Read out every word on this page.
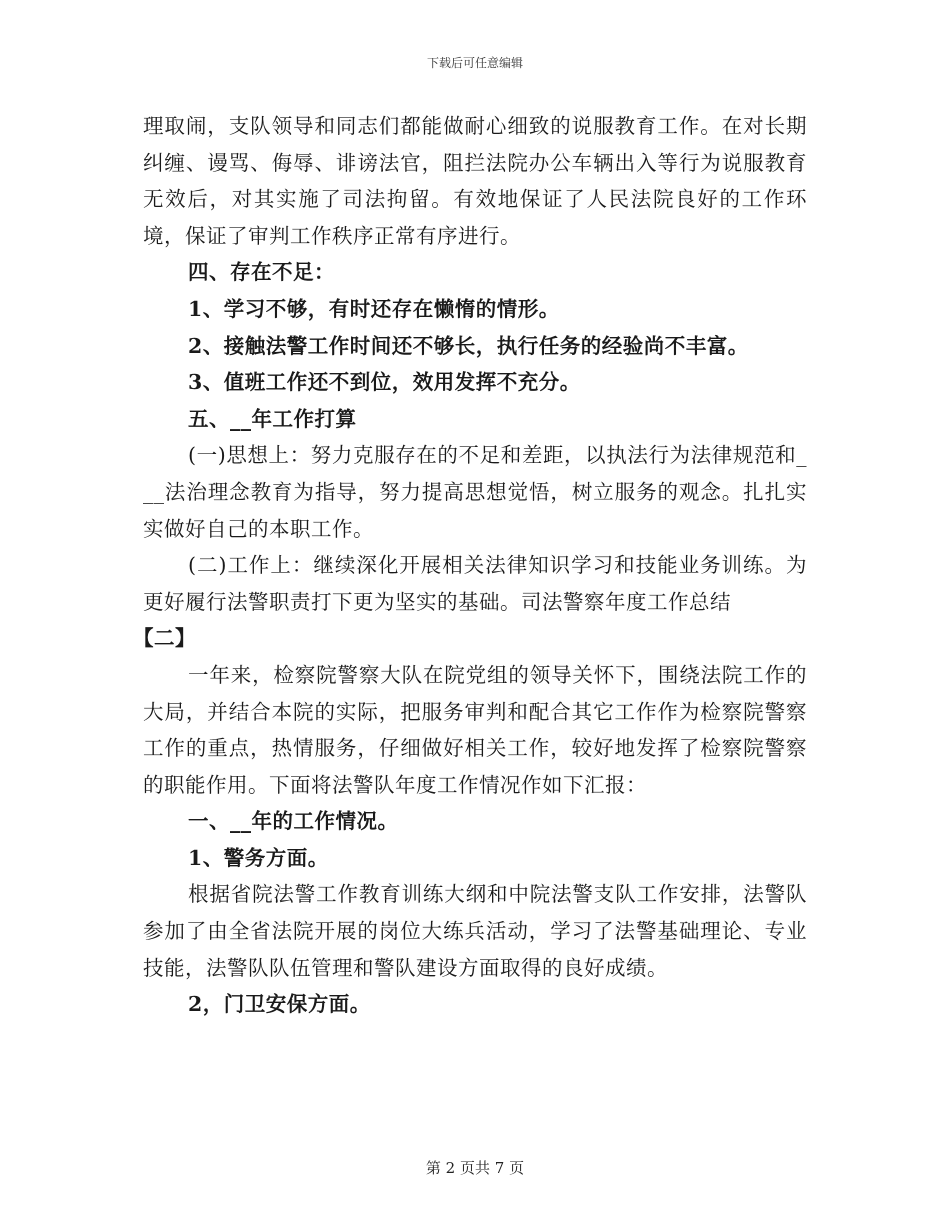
下载后可任意编辑

理取闹，支队领导和同志们都能做耐心细致的说服教育工作。在对长期纠缠、谩骂、侮辱、诽谤法官，阻拦法院办公车辆出入等行为说服教育无效后，对其实施了司法拘留。有效地保证了人民法院良好的工作环境，保证了审判工作秩序正常有序进行。

四、存在不足：

1、学习不够，有时还存在懒惰的情形。

2、接触法警工作时间还不够长，执行任务的经验尚不丰富。

3、值班工作还不到位，效用发挥不充分。

五、__年工作打算

(一)思想上：努力克服存在的不足和差距，以执法行为法律规范和___法治理念教育为指导，努力提高思想觉悟，树立服务的观念。扎扎实实做好自己的本职工作。

(二)工作上：继续深化开展相关法律知识学习和技能业务训练。为更好履行法警职责打下更为坚实的基础。司法警察年度工作总结

【二】

一年来，检察院警察大队在院党组的领导关怀下，围绕法院工作的大局，并结合本院的实际，把服务审判和配合其它工作作为检察院警察工作的重点，热情服务，仔细做好相关工作，较好地发挥了检察院警察的职能作用。下面将法警队年度工作情况作如下汇报：

一、__年的工作情况。

1、警务方面。

根据省院法警工作教育训练大纲和中院法警支队工作安排，法警队参加了由全省法院开展的岗位大练兵活动，学习了法警基础理论、专业技能，法警队队伍管理和警队建设方面取得的良好成绩。

2，门卫安保方面。

第 2 页共 7 页
